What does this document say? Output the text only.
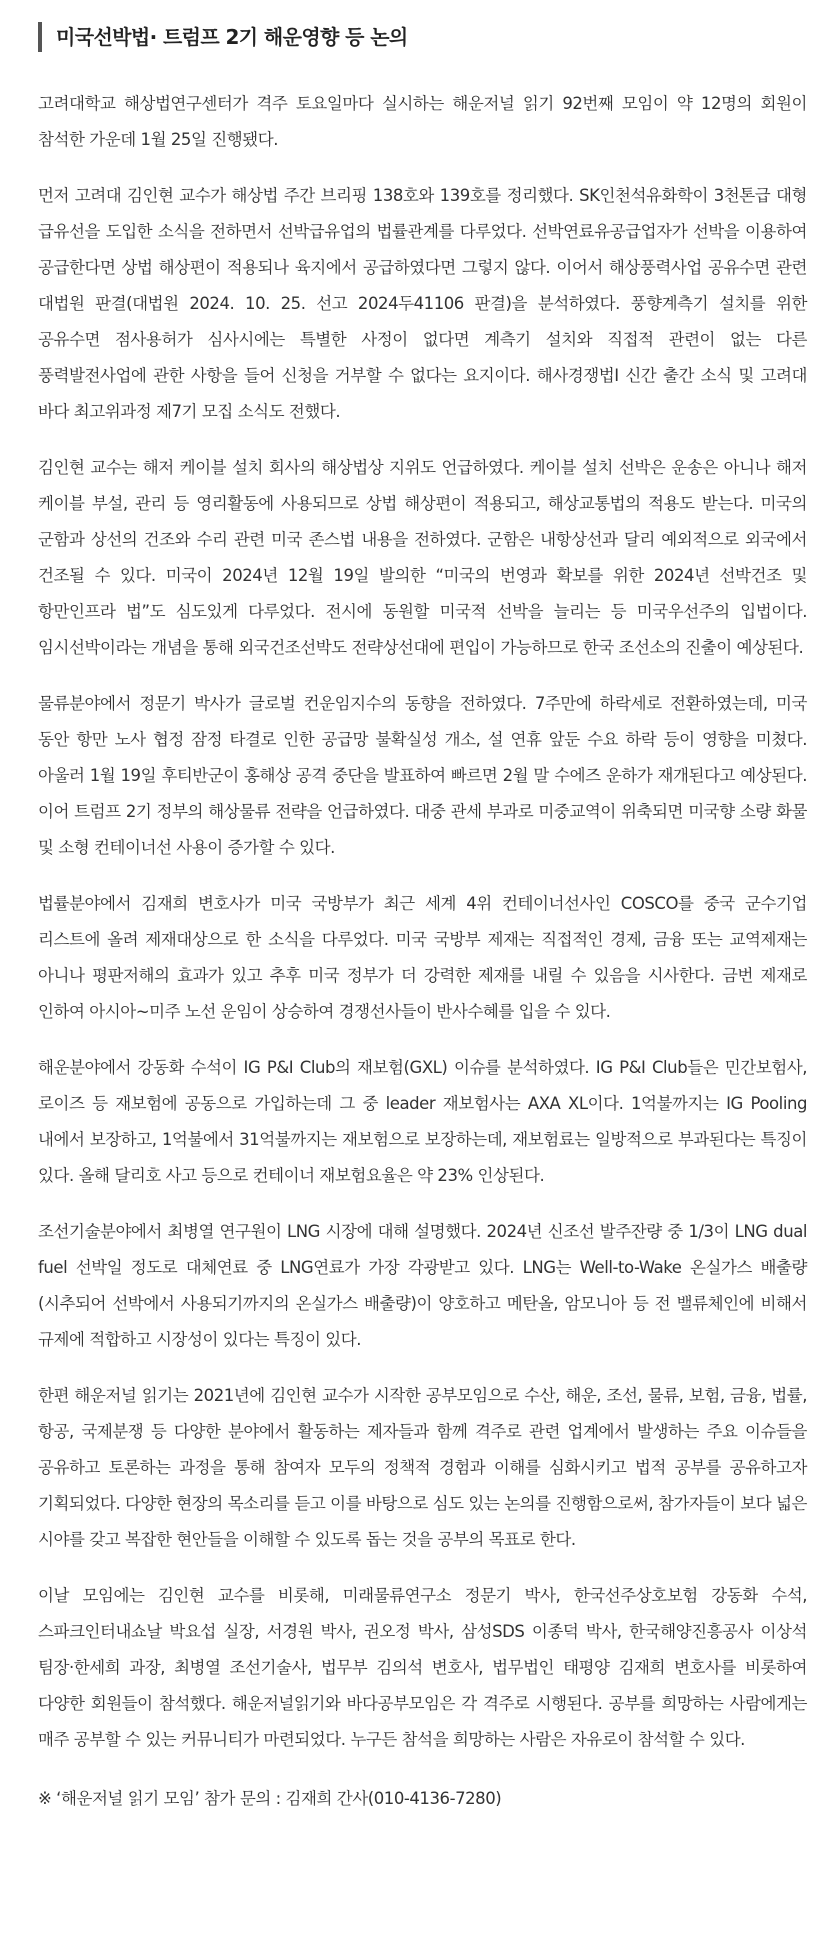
미국선박법· 트럼프 2기 해운영향 등 논의

고려대학교 해상법연구센터가 격주 토요일마다 실시하는 해운저널 읽기 92번째 모임이 약 12명의 회원이 참석한 가운데 1월 25일 진행됐다.

먼저 고려대 김인현 교수가 해상법 주간 브리핑 138호와 139호를 정리했다. SK인천석유화학이 3천톤급 대형 급유선을 도입한 소식을 전하면서 선박급유업의 법률관계를 다루었다. 선박연료유공급업자가 선박을 이용하여 공급한다면 상법 해상편이 적용되나 육지에서 공급하였다면 그렇지 않다. 이어서 해상풍력사업 공유수면 관련 대법원 판결(대법원 2024. 10. 25. 선고 2024두41106 판결)을 분석하였다. 풍향계측기 설치를 위한 공유수면 점사용허가 심사시에는 특별한 사정이 없다면 계측기 설치와 직접적 관련이 없는 다른 풍력발전사업에 관한 사항을 들어 신청을 거부할 수 없다는 요지이다. 해사경쟁법I 신간 출간 소식 및 고려대 바다 최고위과정 제7기 모집 소식도 전했다.

김인현 교수는 해저 케이블 설치 회사의 해상법상 지위도 언급하였다. 케이블 설치 선박은 운송은 아니나 해저 케이블 부설, 관리 등 영리활동에 사용되므로 상법 해상편이 적용되고, 해상교통법의 적용도 받는다. 미국의 군함과 상선의 건조와 수리 관련 미국 존스법 내용을 전하였다. 군함은 내항상선과 달리 예외적으로 외국에서 건조될 수 있다. 미국이 2024년 12월 19일 발의한 “미국의 번영과 확보를 위한 2024년 선박건조 및 항만인프라 법”도 심도있게 다루었다. 전시에 동원할 미국적 선박을 늘리는 등 미국우선주의 입법이다. 임시선박이라는 개념을 통해 외국건조선박도 전략상선대에 편입이 가능하므로 한국 조선소의 진출이 예상된다.

물류분야에서 정문기 박사가 글로벌 컨운임지수의 동향을 전하였다. 7주만에 하락세로 전환하였는데, 미국 동안 항만 노사 협정 잠정 타결로 인한 공급망 불확실성 개소, 설 연휴 앞둔 수요 하락 등이 영향을 미쳤다. 아울러 1월 19일 후티반군이 홍해상 공격 중단을 발표하여 빠르면 2월 말 수에즈 운하가 재개된다고 예상된다. 이어 트럼프 2기 정부의 해상물류 전략을 언급하였다. 대중 관세 부과로 미중교역이 위축되면 미국향 소량 화물 및 소형 컨테이너선 사용이 증가할 수 있다.

법률분야에서 김재희 변호사가 미국 국방부가 최근 세계 4위 컨테이너선사인 COSCO를 중국 군수기업 리스트에 올려 제재대상으로 한 소식을 다루었다. 미국 국방부 제재는 직접적인 경제, 금융 또는 교역제재는 아니나 평판저해의 효과가 있고 추후 미국 정부가 더 강력한 제재를 내릴 수 있음을 시사한다. 금번 제재로 인하여 아시아~미주 노선 운임이 상승하여 경쟁선사들이 반사수혜를 입을 수 있다.

해운분야에서 강동화 수석이 IG P&I Club의 재보험(GXL) 이슈를 분석하였다. IG P&I Club들은 민간보험사, 로이즈 등 재보험에 공동으로 가입하는데 그 중 leader 재보험사는 AXA XL이다. 1억불까지는 IG Pooling 내에서 보장하고, 1억불에서 31억불까지는 재보험으로 보장하는데, 재보험료는 일방적으로 부과된다는 특징이 있다. 올해 달리호 사고 등으로 컨테이너 재보험요율은 약 23% 인상된다.

조선기술분야에서 최병열 연구원이 LNG 시장에 대해 설명했다. 2024년 신조선 발주잔량 중 1/3이 LNG dual fuel 선박일 정도로 대체연료 중 LNG연료가 가장 각광받고 있다. LNG는 Well-to-Wake 온실가스 배출량(시추되어 선박에서 사용되기까지의 온실가스 배출량)이 양호하고 메탄올, 암모니아 등 전 밸류체인에 비해서 규제에 적합하고 시장성이 있다는 특징이 있다.

한편 해운저널 읽기는 2021년에 김인현 교수가 시작한 공부모임으로 수산, 해운, 조선, 물류, 보험, 금융, 법률, 항공, 국제분쟁 등 다양한 분야에서 활동하는 제자들과 함께 격주로 관련 업계에서 발생하는 주요 이슈들을 공유하고 토론하는 과정을 통해 참여자 모두의 정책적 경험과 이해를 심화시키고 법적 공부를 공유하고자 기획되었다. 다양한 현장의 목소리를 듣고 이를 바탕으로 심도 있는 논의를 진행함으로써, 참가자들이 보다 넓은 시야를 갖고 복잡한 현안들을 이해할 수 있도록 돕는 것을 공부의 목표로 한다.

이날 모임에는 김인현 교수를 비롯해, 미래물류연구소 정문기 박사, 한국선주상호보험 강동화 수석, 스파크인터내쇼날 박요섭 실장, 서경원 박사, 권오정 박사, 삼성SDS 이종덕 박사, 한국해양진흥공사 이상석 팀장·한세희 과장, 최병열 조선기술사, 법무부 김의석 변호사, 법무법인 태평양 김재희 변호사를 비롯하여 다양한 회원들이 참석했다. 해운저널읽기와 바다공부모임은 각 격주로 시행된다. 공부를 희망하는 사람에게는 매주 공부할 수 있는 커뮤니티가 마련되었다. 누구든 참석을 희망하는 사람은 자유로이 참석할 수 있다.

※ ‘해운저널 읽기 모임’ 참가 문의 : 김재희 간사(010-4136-7280)
